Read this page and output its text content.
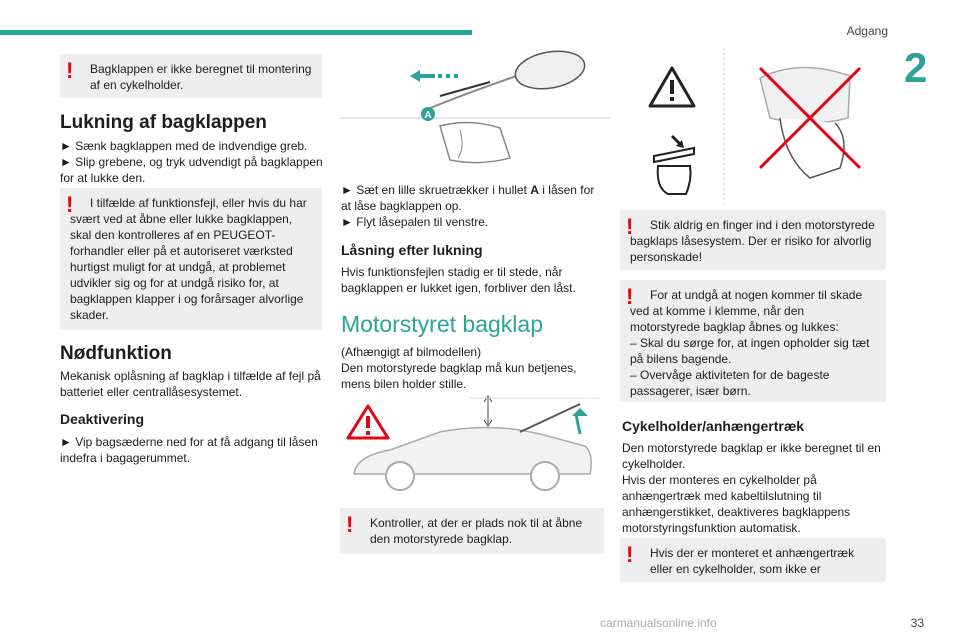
Adgang
2
!	Bagklappen er ikke beregnet til montering af en cykelholder.

Lukning af bagklappen

► Sænk bagklappen med de indvendige greb.

► Slip grebene, og tryk udvendigt på bagklappen for at lukke den.

!	I tilfælde af funktionsfejl, eller hvis du har svært ved at åbne eller lukke bagklappen, skal den kontrolleres af en PEUGEOT-forhandler eller på et autoriseret værksted hurtigst muligt for at undgå, at problemet udvikler sig og for at undgå risiko for, at bagklappen klapper i og forårsager alvorlige skader.

Nødfunktion
Mekanisk oplåsning af bagklap i tilfælde af fejl på batteriet eller centrallåsesystemet.
Deaktivering
► Vip bagsæderne ned for at få adgang til låsen indefra i bagagerummet.
A

► Sæt en lille skruetrækker i hullet A i låsen for at låse bagklappen op.

► Flyt låsepalen til venstre.

Låsning efter lukning
Hvis funktionsfejlen stadig er til stede, når bagklappen er lukket igen, forbliver den låst.
Motorstyret bagklap
(Afhængigt af bilmodellen)
Den motorstyrede bagklap må kun betjenes, mens bilen holder stille.
!	Kontroller, at der er plads nok til at åbne den motorstyrede bagklap.

!	Stik aldrig en finger ind i den motorstyrede bagklaps låsesystem. Der er risiko for alvorlig personskade!

!	For at undgå at nogen kommer til skade ved at komme i klemme, når den motorstyrede bagklap åbnes og lukkes:

– Skal du sørge for, at ingen opholder sig tæt på bilens bagende.

– Overvåge aktiviteten for de bageste passagerer, især børn.

Cykelholder/anhængertræk
Den motorstyrede bagklap er ikke beregnet til en cykelholder.
Hvis der monteres en cykelholder på anhængertræk med kabeltilslutning til anhængerstikket, deaktiveres bagklappens motorstyringsfunktion automatisk.
!	Hvis der er monteret et anhængertræk eller en cykelholder, som ikke er

carmanualsonline.info	33
